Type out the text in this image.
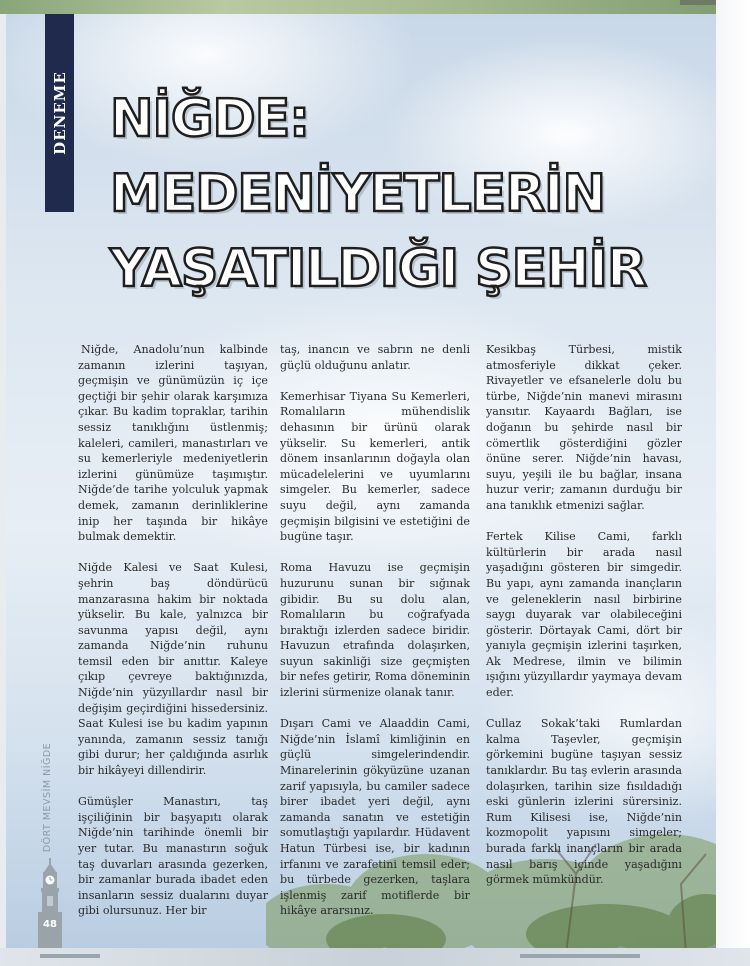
DENEME NİĞDE:
MEDENİYETLERİN
YAŞATILDIĞI ŞEHİR

Niğde, Anadolu’nun kalbinde zamanın izlerini taşıyan, geçmişin ve günümüzün iç içe geçtiği bir şehir olarak karşımıza çıkar. Bu kadim topraklar, tarihin sessiz tanıklığını üstlenmiş; kaleleri, camileri, manastırları ve su kemerleriyle medeniyetlerin izlerini günümüze taşımıştır. Niğde’de tarihe yolculuk yapmak demek, zamanın derinliklerine inip her taşında bir hikâye bulmak demektir.

Niğde Kalesi ve Saat Kulesi, şehrin baş döndürücü manzarasına hakim bir noktada yükselir. Bu kale, yalnızca bir savunma yapısı değil, aynı zamanda Niğde’nin ruhunu temsil eden bir anıttır. Kaleye çıkıp çevreye baktığınızda, Niğde’nin yüzyıllardır nasıl bir değişim geçirdiğini hissedersiniz. Saat Kulesi ise bu kadim yapının yanında, zamanın sessiz tanığı gibi durur; her çaldığında asırlık bir hikâyeyi dillendirir.

Gümüşler Manastırı, taş işçiliğinin bir başyapıtı olarak Niğde’nin tarihinde önemli bir yer tutar. Bu manastırın soğuk taş duvarları arasında gezerken, bir zamanlar burada ibadet eden insanların sessiz dualarını duyar gibi olursunuz. Her bir

taş, inancın ve sabrın ne denli güçlü olduğunu anlatır.

Kemerhisar Tiyana Su Kemerleri, Romalıların mühendislik dehasının bir ürünü olarak yükselir. Su kemerleri, antik dönem insanlarının doğayla olan mücadelelerini ve uyumlarını simgeler. Bu kemerler, sadece suyu değil, aynı zamanda geçmişin bilgisini ve estetiğini de bugüne taşır.

Roma Havuzu ise geçmişin huzurunu sunan bir sığınak gibidir. Bu su dolu alan, Romalıların bu coğrafyada bıraktığı izlerden sadece biridir. Havuzun etrafında dolaşırken, suyun sakinliği size geçmişten bir nefes getirir, Roma döneminin izlerini sürmenize olanak tanır.

Dışarı Cami ve Alaaddin Cami, Niğde’nin İslamî kimliğinin en güçlü simgelerindendir. Minarelerinin gökyüzüne uzanan zarif yapısıyla, bu camiler sadece birer ibadet yeri değil, aynı zamanda sanatın ve estetiğin somutlaştığı yapılardır. Hüdavent Hatun Türbesi ise, bir kadının irfanını ve zarafetini temsil eder; bu türbede gezerken, taşlara işlenmiş zarif motiflerde bir hikâye ararsınız.

Kesikbaş Türbesi, mistik atmosferiyle dikkat çeker. Rivayetler ve efsanelerle dolu bu türbe, Niğde’nin manevi mirasını yansıtır. Kayaardı Bağları, ise doğanın bu şehirde nasıl bir cömertlik gösterdiğini gözler önüne serer. Niğde’nin havası, suyu, yeşili ile bu bağlar, insana huzur verir; zamanın durduğu bir ana tanıklık etmenizi sağlar.

Fertek Kilise Cami, farklı kültürlerin bir arada nasıl yaşadığını gösteren bir simgedir. Bu yapı, aynı zamanda inançların ve geleneklerin nasıl birbirine saygı duyarak var olabileceğini gösterir. Dörtayak Cami, dört bir yanıyla geçmişin izlerini taşırken, Ak Medrese, ilmin ve bilimin ışığını yüzyıllardır yaymaya devam eder.

Cullaz Sokak’taki Rumlardan kalma Taşevler, geçmişin görkemini bugüne taşıyan sessiz tanıklardır. Bu taş evlerin arasında dolaşırken, tarihin size fısıldadığı eski günlerin izlerini sürersiniz. Rum Kilisesi ise, Niğde’nin kozmopolit yapısını simgeler; burada farklı inançların bir arada nasıl barış içinde yaşadığını görmek mümkündür.

DÖRT MEVSİM NİĞDE
48
